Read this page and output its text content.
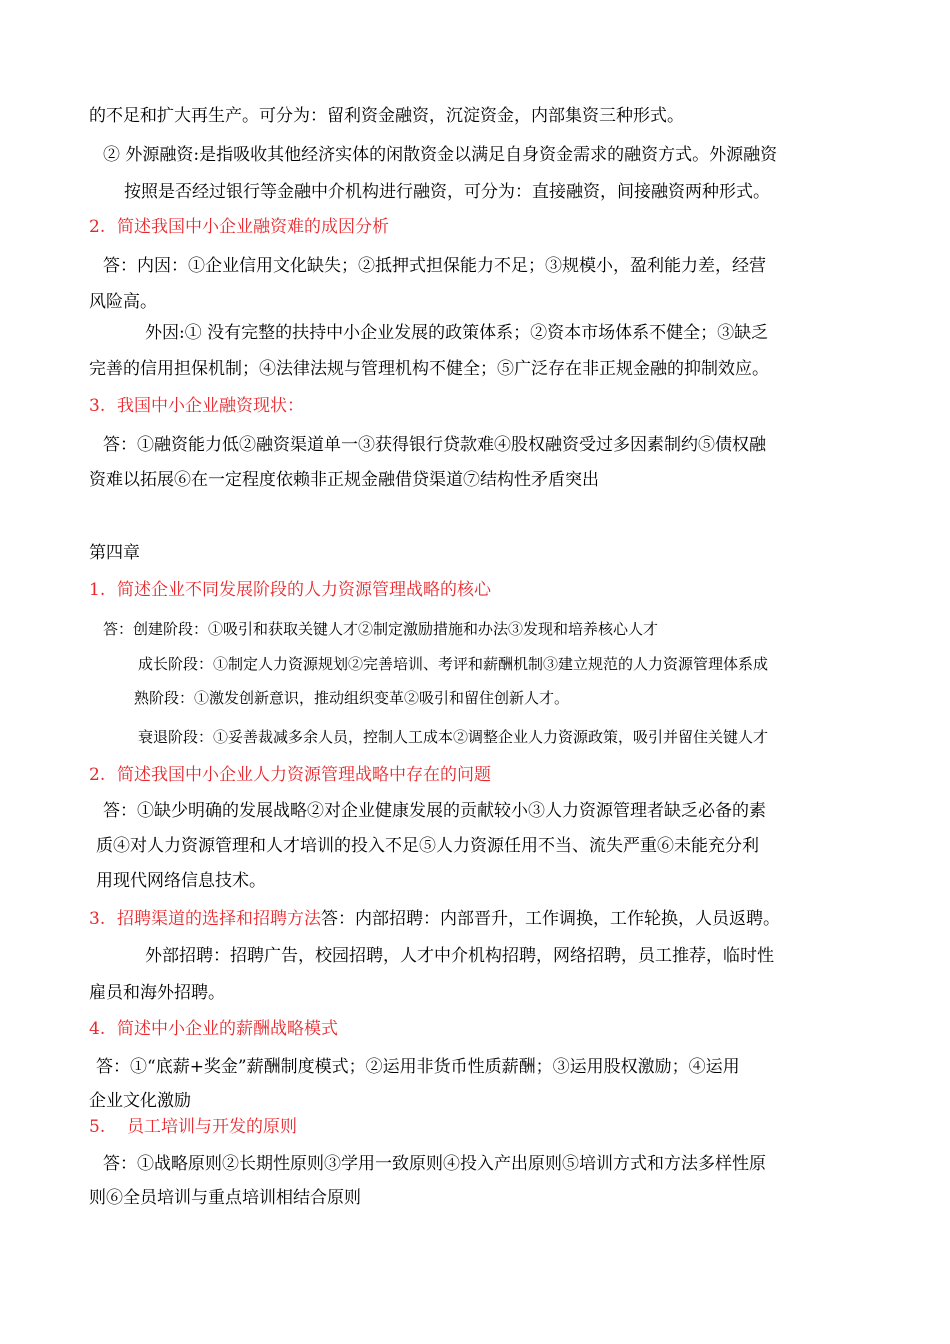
的不足和扩大再生产。可分为：留利资金融资，沉淀资金，内部集资三种形式。
② 外源融资:是指吸收其他经济实体的闲散资金以满足自身资金需求的融资方式。外源融资
按照是否经过银行等金融中介机构进行融资，可分为：直接融资，间接融资两种形式。
2. 简述我国中小企业融资难的成因分析
答：内因：①企业信用文化缺失；②抵押式担保能力不足；③规模小，盈利能力差，经营
风险高。
外因:① 没有完整的扶持中小企业发展的政策体系；②资本市场体系不健全；③缺乏
完善的信用担保机制；④法律法规与管理机构不健全；⑤广泛存在非正规金融的抑制效应。
3. 我国中小企业融资现状：
答：①融资能力低②融资渠道单一③获得银行贷款难④股权融资受过多因素制约⑤债权融
资难以拓展⑥在一定程度依赖非正规金融借贷渠道⑦结构性矛盾突出
第四章
1. 简述企业不同发展阶段的人力资源管理战略的核心
答：创建阶段：①吸引和获取关键人才②制定激励措施和办法③发现和培养核心人才
成长阶段：①制定人力资源规划②完善培训、考评和薪酬机制③建立规范的人力资源管理体系成
熟阶段：①激发创新意识，推动组织变革②吸引和留住创新人才。
衰退阶段：①妥善裁减多余人员，控制人工成本②调整企业人力资源政策，吸引并留住关键人才
2. 简述我国中小企业人力资源管理战略中存在的问题
答：①缺少明确的发展战略②对企业健康发展的贡献较小③人力资源管理者缺乏必备的素
质④对人力资源管理和人才培训的投入不足⑤人力资源任用不当、流失严重⑥未能充分利
用现代网络信息技术。
3. 招聘渠道的选择和招聘方法答：内部招聘：内部晋升，工作调换，工作轮换，人员返聘。
外部招聘：招聘广告，校园招聘，人才中介机构招聘，网络招聘，员工推荐，临时性
雇员和海外招聘。
4. 简述中小企业的薪酬战略模式
答：①“底薪+奖金”薪酬制度模式；②运用非货币性质薪酬；③运用股权激励；④运用
企业文化激励
5. 员工培训与开发的原则
答：①战略原则②长期性原则③学用一致原则④投入产出原则⑤培训方式和方法多样性原
则⑥全员培训与重点培训相结合原则
